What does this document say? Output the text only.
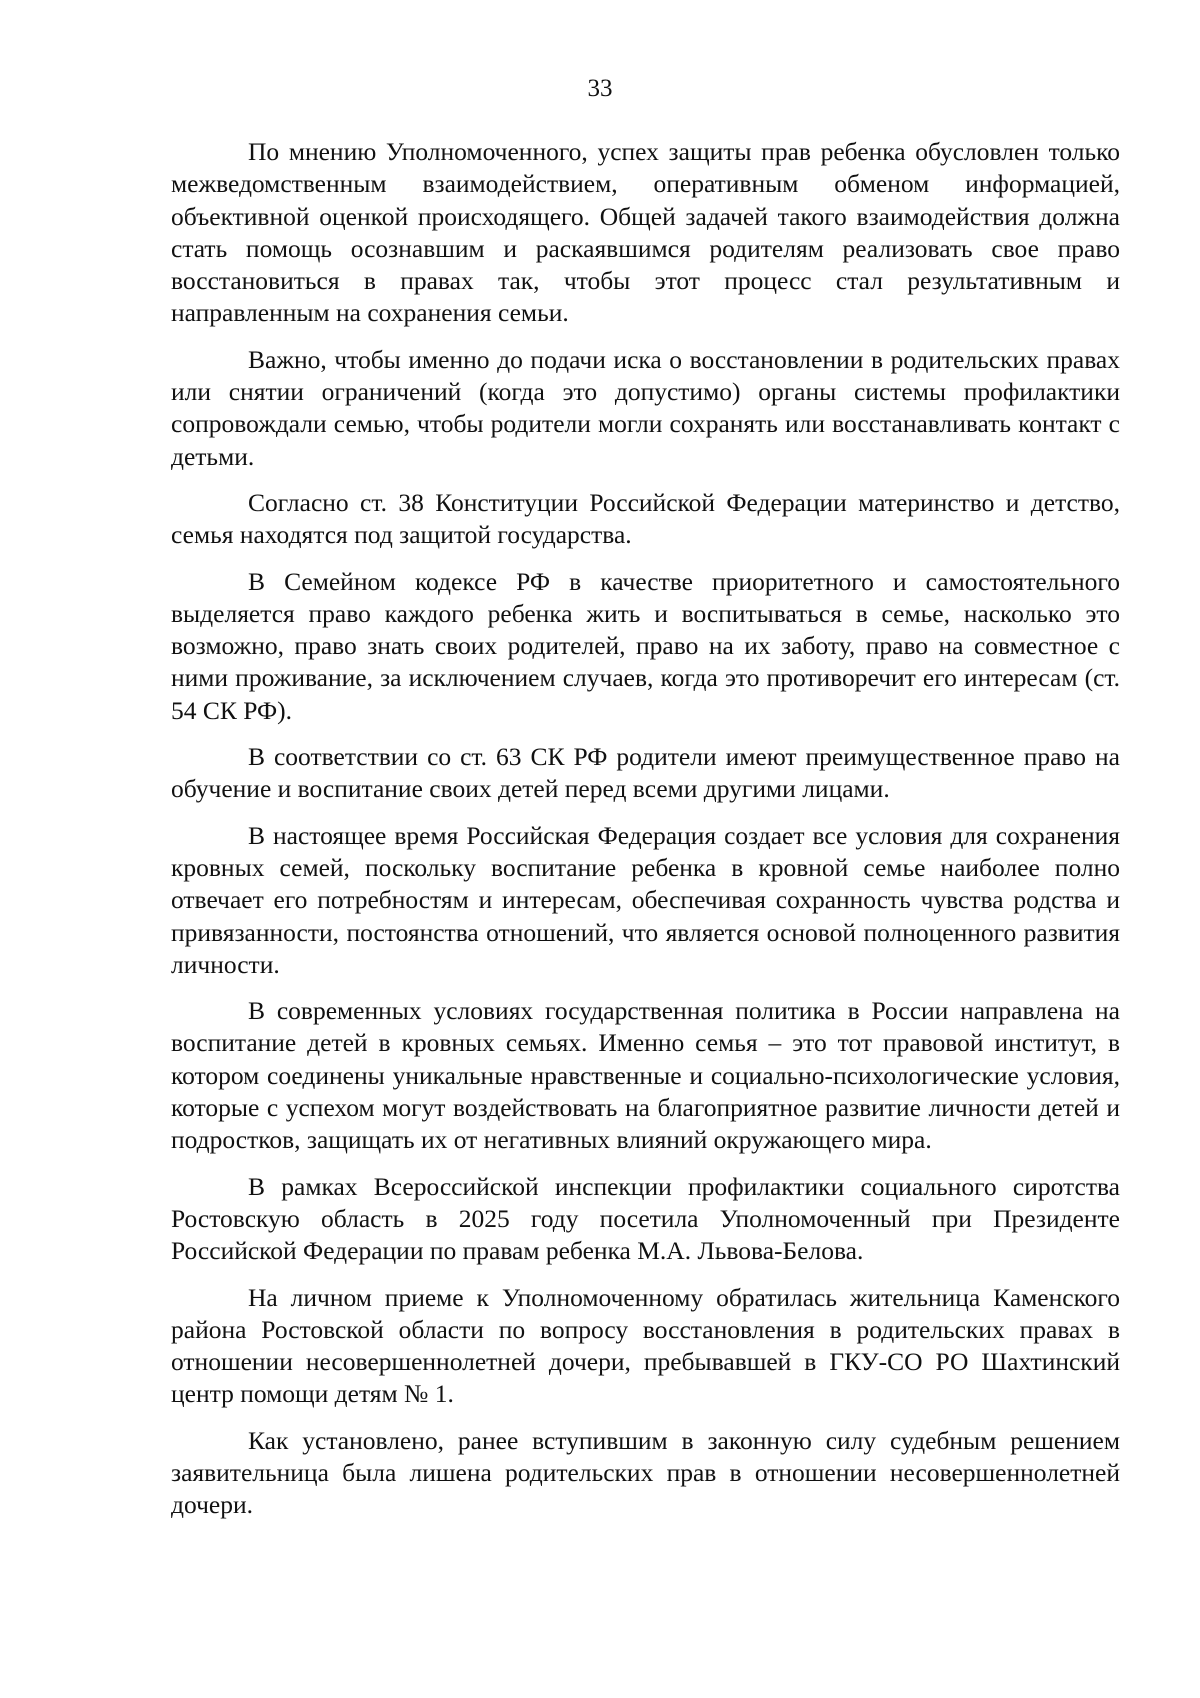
33

По мнению Уполномоченного, успех защиты прав ребенка обусловлен только межведомственным взаимодействием, оперативным обменом информацией, объективной оценкой происходящего. Общей задачей такого взаимодействия должна стать помощь осознавшим и раскаявшимся родителям реализовать свое право восстановиться в правах так, чтобы этот процесс стал результативным и направленным на сохранения семьи.

Важно, чтобы именно до подачи иска о восстановлении в родительских правах или снятии ограничений (когда это допустимо) органы системы профилактики сопровождали семью, чтобы родители могли сохранять или восстанавливать контакт с детьми.

Согласно ст. 38 Конституции Российской Федерации материнство и детство, семья находятся под защитой государства.

В Семейном кодексе РФ в качестве приоритетного и самостоятельного выделяется право каждого ребенка жить и воспитываться в семье, насколько это возможно, право знать своих родителей, право на их заботу, право на совместное с ними проживание, за исключением случаев, когда это противоречит его интересам (ст. 54 СК РФ).

В соответствии со ст. 63 СК РФ родители имеют преимущественное право на обучение и воспитание своих детей перед всеми другими лицами.

В настоящее время Российская Федерация создает все условия для сохранения кровных семей, поскольку воспитание ребенка в кровной семье наиболее полно отвечает его потребностям и интересам, обеспечивая сохранность чувства родства и привязанности, постоянства отношений, что является основой полноценного развития личности.

В современных условиях государственная политика в России направлена на воспитание детей в кровных семьях. Именно семья – это тот правовой институт, в котором соединены уникальные нравственные и социально-психологические условия, которые с успехом могут воздействовать на благоприятное развитие личности детей и подростков, защищать их от негативных влияний окружающего мира.

В рамках Всероссийской инспекции профилактики социального сиротства Ростовскую область в 2025 году посетила Уполномоченный при Президенте Российской Федерации по правам ребенка М.А. Львова-Белова.

На личном приеме к Уполномоченному обратилась жительница Каменского района Ростовской области по вопросу восстановления в родительских правах в отношении несовершеннолетней дочери, пребывавшей в ГКУ-СО РО Шахтинский центр помощи детям № 1.

Как установлено, ранее вступившим в законную силу судебным решением заявительница была лишена родительских прав в отношении несовершеннолетней дочери.
